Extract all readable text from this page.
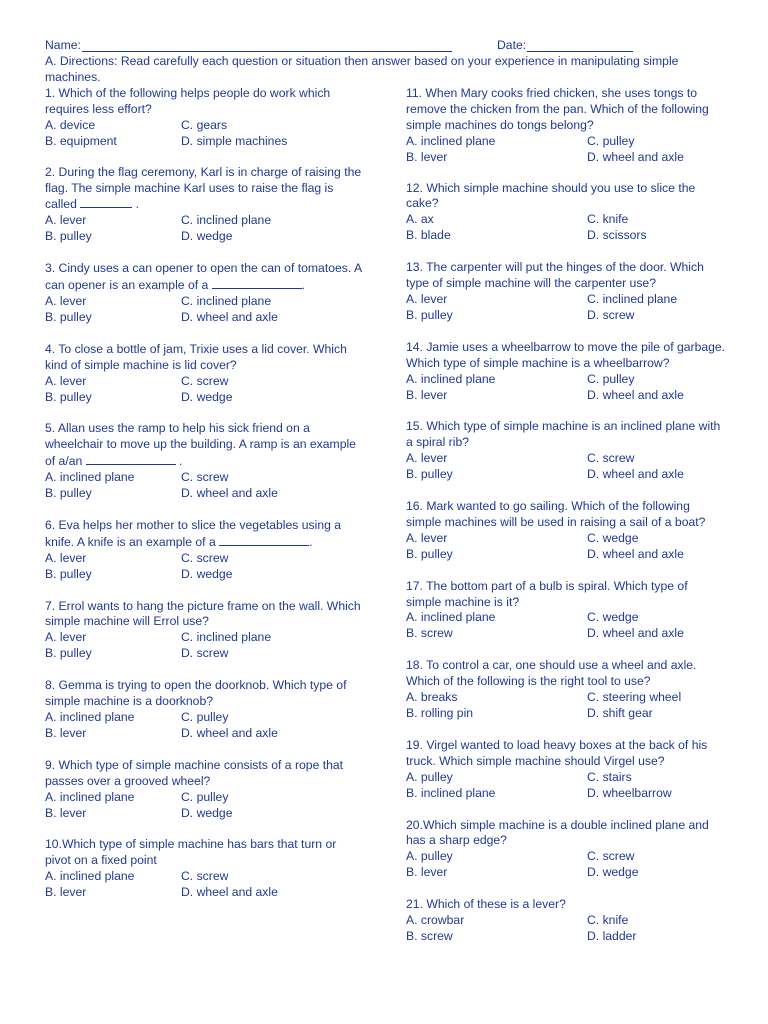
Name:	Date:
A. Directions: Read carefully each question or situation then answer based on your experience in manipulating simple machines.
1. Which of the following helps people do work which requires less effort?
A. device	C. gears
B. equipment	D. simple machines
2. During the flag ceremony, Karl is in charge of raising the flag. The simple machine Karl uses to raise the flag is called	.
A. lever	C. inclined plane
B. pulley	D. wedge
3. Cindy uses a can opener to open the can of tomatoes. A can opener is an example of a	.
A. lever	C. inclined plane
B. pulley	D. wheel and axle
4. To close a bottle of jam, Trixie uses a lid cover. Which kind of simple machine is lid cover?
A. lever	C. screw
B. pulley	D. wedge
5. Allan uses the ramp to help his sick friend on a wheelchair to move up the building. A ramp is an example of a/an	.
A. inclined plane	C. screw
B. pulley	D. wheel and axle
6. Eva helps her mother to slice the vegetables using a knife. A knife is an example of a	.
A. lever	C. screw
B. pulley	D. wedge
7. Errol wants to hang the picture frame on the wall. Which simple machine will Errol use?
A. lever	C. inclined plane
B. pulley	D. screw
8. Gemma is trying to open the doorknob. Which type of simple machine is a doorknob?
A. inclined plane	C. pulley
B. lever	D. wheel and axle
9. Which type of simple machine consists of a rope that passes over a grooved wheel?
A. inclined plane	C. pulley
B. lever	D. wedge
10.Which type of simple machine has bars that turn or pivot on a fixed point
A. inclined plane	C. screw
B. lever	D. wheel and axle
11. When Mary cooks fried chicken, she uses tongs to remove the chicken from the pan. Which of the following simple machines do tongs belong?
A. inclined plane	C. pulley
B. lever	D. wheel and axle
12. Which simple machine should you use to slice the cake?
A. ax	C. knife
B. blade	D. scissors
13. The carpenter will put the hinges of the door. Which type of simple machine will the carpenter use?
A. lever	C. inclined plane
B. pulley	D. screw
14. Jamie uses a wheelbarrow to move the pile of garbage. Which type of simple machine is a wheelbarrow?
A. inclined plane	C. pulley
B. lever	D. wheel and axle
15. Which type of simple machine is an inclined plane with a spiral rib?
A. lever	C. screw
B. pulley	D. wheel and axle
16. Mark wanted to go sailing. Which of the following simple machines will be used in raising a sail of a boat?
A. lever	C. wedge
B. pulley	D. wheel and axle
17. The bottom part of a bulb is spiral. Which type of simple machine is it?
A. inclined plane	C. wedge
B. screw	D. wheel and axle
18. To control a car, one should use a wheel and axle. Which of the following is the right tool to use?
A. breaks	C. steering wheel
B. rolling pin	D. shift gear
19. Virgel wanted to load heavy boxes at the back of his truck. Which simple machine should Virgel use?
A. pulley	C. stairs
B. inclined plane	D. wheelbarrow
20.Which simple machine is a double inclined plane and has a sharp edge?
A. pulley	C. screw
B. lever	D. wedge
21. Which of these is a lever?
A. crowbar	C. knife
B. screw	D. ladder
